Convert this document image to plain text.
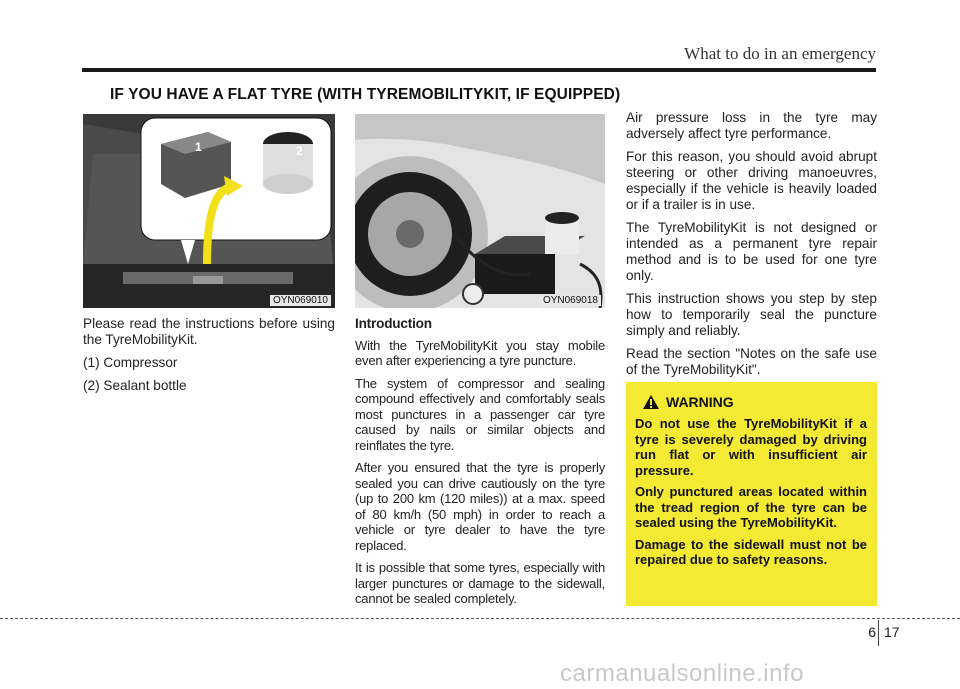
What to do in an emergency
IF YOU HAVE A FLAT TYRE (WITH TYREMOBILITYKIT, IF EQUIPPED)
1	2
OYN069010	OYN069018

Please read the instructions before using the TyreMobilityKit.

(1) Compressor

(2) Sealant bottle

Introduction

With the TyreMobilityKit you stay mobile even after experiencing a tyre puncture.

The system of compressor and sealing compound effectively and comfortably seals most punctures in a passenger car tyre caused by nails or similar objects and reinflates the tyre.

After you ensured that the tyre is properly sealed you can drive cautiously on the tyre (up to 200 km (120 miles)) at a max. speed of 80 km/h (50 mph) in order to reach a vehicle or tyre dealer to have the tyre replaced.

It is possible that some tyres, especially with larger punctures or damage to the sidewall, cannot be sealed completely.

Air pressure loss in the tyre may adversely affect tyre performance.

For this reason, you should avoid abrupt steering or other driving manoeuvres, especially if the vehicle is heavily loaded or if a trailer is in use.

The TyreMobilityKit is not designed or intended as a permanent tyre repair method and is to be used for one tyre only.

This instruction shows you step by step how to temporarily seal the puncture simply and reliably.

Read the section "Notes on the safe use of the TyreMobilityKit".

WARNING

Do not use the TyreMobilityKit if a tyre is severely damaged by driving run flat or with insufficient air pressure.

Only punctured areas located within the tread region of the tyre can be sealed using the TyreMobilityKit.

Damage to the sidewall must not be repaired due to safety reasons.

6 17
carmanualsonline.info
